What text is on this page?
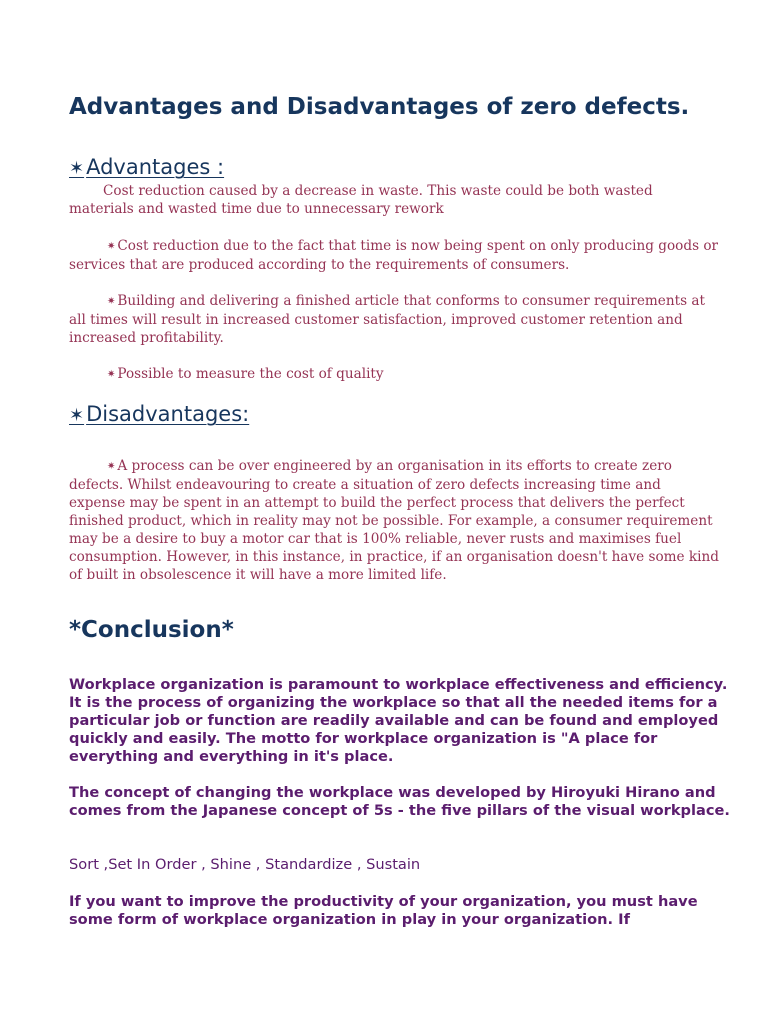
Advantages and Disadvantages of zero defects.
✶Advantages :

Cost reduction caused by a decrease in waste. This waste could be both wasted materials and wasted time due to unnecessary rework

✷ Cost reduction due to the fact that time is now being spent on only producing goods or services that are produced according to the requirements of consumers.

✷ Building and delivering a finished article that conforms to consumer requirements at all times will result in increased customer satisfaction, improved customer retention and increased profitability.

✷ Possible to measure the cost of quality

✶Disadvantages:

✷ A process can be over engineered by an organisation in its efforts to create zero defects. Whilst endeavouring to create a situation of zero defects increasing time and expense may be spent in an attempt to build the perfect process that delivers the perfect finished product, which in reality may not be possible. For example, a consumer requirement may be a desire to buy a motor car that is 100% reliable, never rusts and maximises fuel consumption. However, in this instance, in practice, if an organisation doesn't have some kind of built in obsolescence it will have a more limited life.

*Conclusion*

Workplace organization is paramount to workplace effectiveness and efficiency. It is the process of organizing the workplace so that all the needed items for a particular job or function are readily available and can be found and employed quickly and easily. The motto for workplace organization is "A place for everything and everything in it's place.

The concept of changing the workplace was developed by Hiroyuki Hirano and comes from the Japanese concept of 5s - the five pillars of the visual workplace.

Sort ,Set In Order , Shine , Standardize , Sustain

If you want to improve the productivity of your organization, you must have some form of workplace organization in play in your organization. If
